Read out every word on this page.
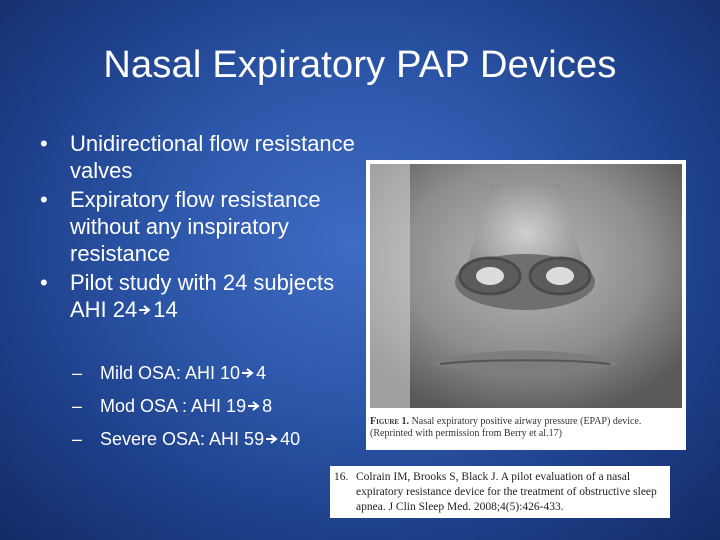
Nasal Expiratory PAP Devices
• Unidirectional flow resistance valves
• Expiratory flow resistance without any inspiratory resistance
• Pilot study with 24 subjects AHI 24 14
– Mild OSA: AHI 10 4
– Mod OSA : AHI 19 8
– Severe OSA: AHI 59 40
Figure 1. Nasal expiratory positive airway pressure (EPAP) device. (Reprinted with permission from Berry et al.17)
16. Colrain IM, Brooks S, Black J. A pilot evaluation of a nasal expiratory resistance device for the treatment of obstructive sleep apnea. J Clin Sleep Med. 2008;4(5):426-433.
